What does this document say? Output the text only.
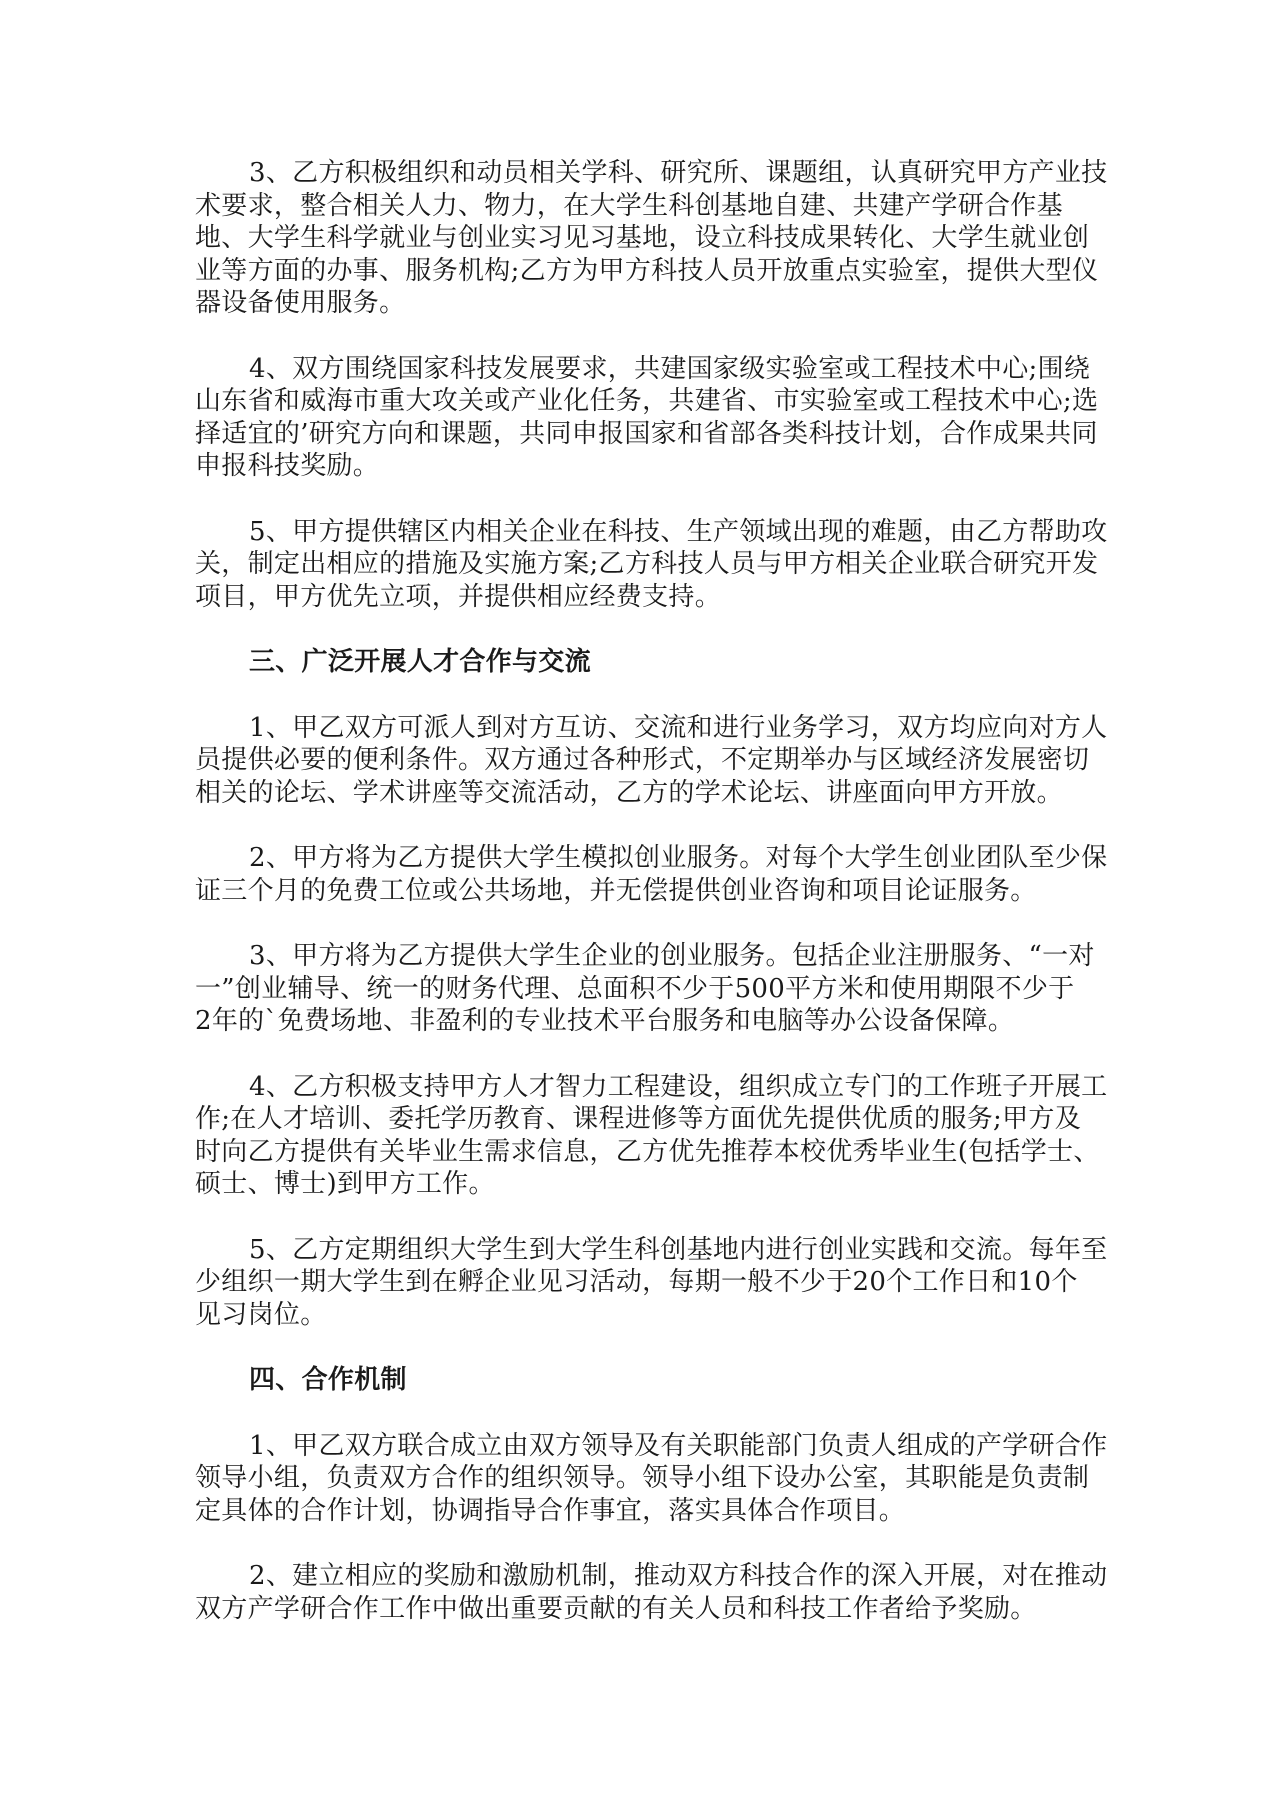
3、乙方积极组织和动员相关学科、研究所、课题组，认真研究甲方产业技
术要求，整合相关人力、物力，在大学生科创基地自建、共建产学研合作基
地、大学生科学就业与创业实习见习基地，设立科技成果转化、大学生就业创
业等方面的办事、服务机构;乙方为甲方科技人员开放重点实验室，提供大型仪
器设备使用服务。
4、双方围绕国家科技发展要求，共建国家级实验室或工程技术中心;围绕
山东省和威海市重大攻关或产业化任务，共建省、市实验室或工程技术中心;选
择适宜的’研究方向和课题，共同申报国家和省部各类科技计划，合作成果共同
申报科技奖励。
5、甲方提供辖区内相关企业在科技、生产领域出现的难题，由乙方帮助攻
关，制定出相应的措施及实施方案;乙方科技人员与甲方相关企业联合研究开发
项目，甲方优先立项，并提供相应经费支持。
三、广泛开展人才合作与交流
1、甲乙双方可派人到对方互访、交流和进行业务学习，双方均应向对方人
员提供必要的便利条件。双方通过各种形式，不定期举办与区域经济发展密切
相关的论坛、学术讲座等交流活动，乙方的学术论坛、讲座面向甲方开放。
2、甲方将为乙方提供大学生模拟创业服务。对每个大学生创业团队至少保
证三个月的免费工位或公共场地，并无偿提供创业咨询和项目论证服务。
3、甲方将为乙方提供大学生企业的创业服务。包括企业注册服务、“一对
一”创业辅导、统一的财务代理、总面积不少于500平方米和使用期限不少于
2年的`免费场地、非盈利的专业技术平台服务和电脑等办公设备保障。
4、乙方积极支持甲方人才智力工程建设，组织成立专门的工作班子开展工
作;在人才培训、委托学历教育、课程进修等方面优先提供优质的服务;甲方及
时向乙方提供有关毕业生需求信息，乙方优先推荐本校优秀毕业生(包括学士、
硕士、博士)到甲方工作。
5、乙方定期组织大学生到大学生科创基地内进行创业实践和交流。每年至
少组织一期大学生到在孵企业见习活动，每期一般不少于20个工作日和10个
见习岗位。
四、合作机制
1、甲乙双方联合成立由双方领导及有关职能部门负责人组成的产学研合作
领导小组，负责双方合作的组织领导。领导小组下设办公室，其职能是负责制
定具体的合作计划，协调指导合作事宜，落实具体合作项目。
2、建立相应的奖励和激励机制，推动双方科技合作的深入开展，对在推动
双方产学研合作工作中做出重要贡献的有关人员和科技工作者给予奖励。
